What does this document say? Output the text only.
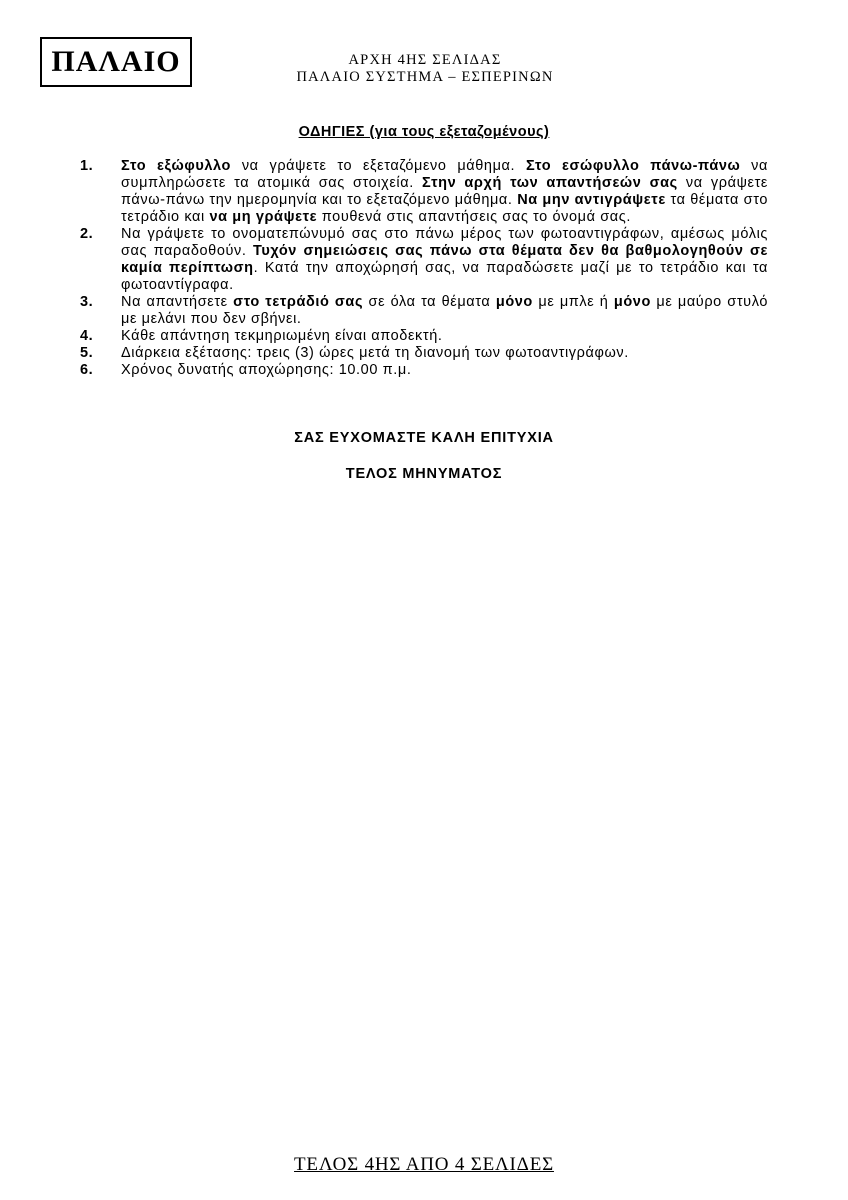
ΠΑΛΑΙΟ	ΑΡΧΗ 4ΗΣ ΣΕΛΙΔΑΣ
ΠΑΛΑΙΟ ΣΥΣΤΗΜΑ – ΕΣΠΕΡΙΝΩΝ
ΟΔΗΓΙΕΣ (για τους εξεταζομένους)
1.	Στο εξώφυλλο να γράψετε το εξεταζόμενο μάθημα. Στο εσώφυλλο πάνω-πάνω να συμπληρώσετε τα ατομικά σας στοιχεία. Στην αρχή των απαντήσεών σας να γράψετε πάνω-πάνω την ημερομηνία και το εξεταζόμενο μάθημα. Να μην αντιγράψετε τα θέματα στο τετράδιο και να μη γράψετε πουθενά στις απαντήσεις σας το όνομά σας.
2.	Να γράψετε το ονοματεπώνυμό σας στο πάνω μέρος των φωτοαντιγράφων, αμέσως μόλις σας παραδοθούν. Τυχόν σημειώσεις σας πάνω στα θέματα δεν θα βαθμολογηθούν σε καμία περίπτωση. Κατά την αποχώρησή σας, να παραδώσετε μαζί με το τετράδιο και τα φωτοαντίγραφα.
3.	Να απαντήσετε στο τετράδιό σας σε όλα τα θέματα μόνο με μπλε ή μόνο με μαύρο στυλό με μελάνι που δεν σβήνει.
4.	Κάθε απάντηση τεκμηριωμένη είναι αποδεκτή.
5.	Διάρκεια εξέτασης: τρεις (3) ώρες μετά τη διανομή των φωτοαντιγράφων.
6.	Χρόνος δυνατής αποχώρησης: 10.00 π.μ.
ΣΑΣ ΕΥΧΟΜΑΣΤΕ ΚΑΛΗ ΕΠΙΤΥΧΙΑ
ΤΕΛΟΣ ΜΗΝΥΜΑΤΟΣ
ΤΕΛΟΣ 4ΗΣ ΑΠΟ 4 ΣΕΛΙΔΕΣ
